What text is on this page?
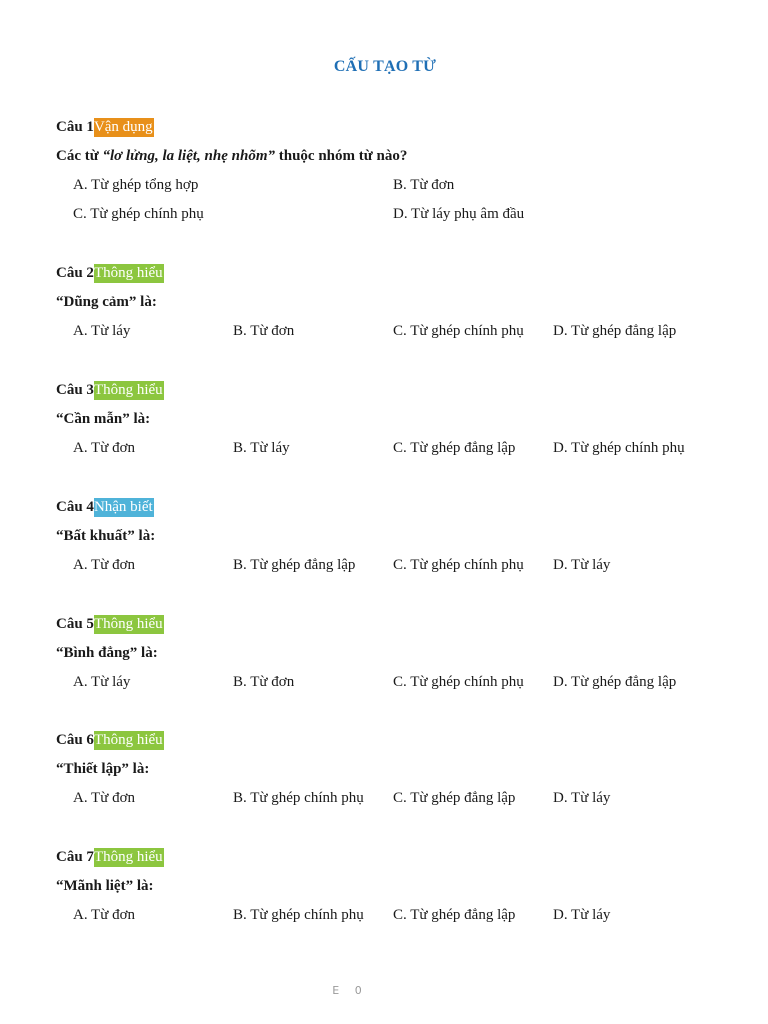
CẤU TẠO TỪ
Câu 1Vận dụng
Các từ “lơ lửng, la liệt, nhẹ nhõm” thuộc nhóm từ nào?
A. Từ ghép tổng hợp	B. Từ đơn
C. Từ ghép chính phụ	D. Từ láy phụ âm đầu
Câu 2Thông hiểu
“Dũng cảm” là:
A. Từ láy	B. Từ đơn	C. Từ ghép chính phụ D. Từ ghép đẳng lập
Câu 3Thông hiểu
“Cần mẫn” là:
A. Từ đơn	B. Từ láy	C. Từ ghép đẳng lập	D. Từ ghép chính phụ
Câu 4Nhận biết
“Bất khuất” là:
A. Từ đơn	B. Từ ghép đẳng lập	C. Từ ghép chính phụ D. Từ láy
Câu 5Thông hiểu
“Bình đẳng” là:
A. Từ láy	B. Từ đơn	C. Từ ghép chính phụ D. Từ ghép đẳng lập
Câu 6Thông hiểu
“Thiết lập” là:
A. Từ đơn	B. Từ ghép chính phụ C. Từ ghép đẳng lập	D. Từ láy
Câu 7Thông hiểu
“Mãnh liệt” là:
A. Từ đơn	B. Từ ghép chính phụ C. Từ ghép đẳng lập	D. Từ láy
E 0
